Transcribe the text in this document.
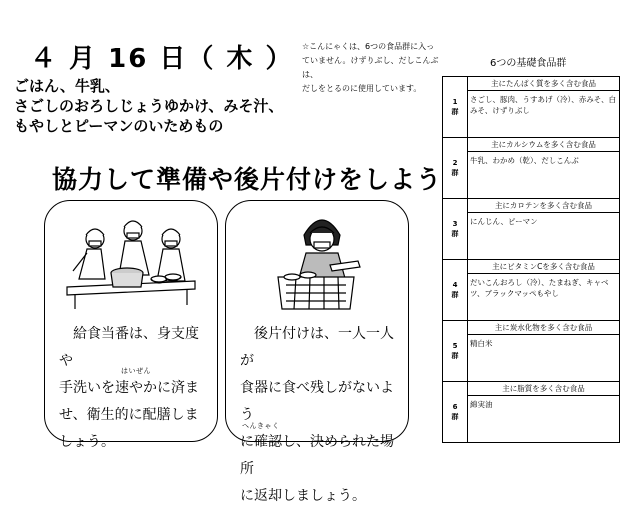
４ 月 16 日（ 木 ）
ごはん、牛乳、
さごしのおろしじょうゆかけ、みそ汁、
もやしとピーマンのいためもの
☆こんにゃくは、6つの食品群に入っ
ていません。けずりぶし、だしこんぶは、
だしをとるのに使用しています。
協力して準備や後片付けをしよう
はいぜん
　給食当番は、身支度や
手洗いを速やかに済ま
せ、衛生的に配膳しま
しょう。
へんきゃく
　後片付けは、一人一人が
食器に食べ残しがないよう
に確認し、決められた場所
に返却しましょう。
6つの基礎食品群
1
群	主にたんぱく質を多く含む食品
	さごし、豚肉、うすあげ（冷）、赤みそ、白みそ、けずりぶし
2
群	主にカルシウムを多く含む食品
	牛乳、わかめ（乾）、だしこんぶ
3
群	主にカロテンを多く含む食品
	にんじん、ピーマン
4
群	主にビタミンCを多く含む食品
	だいこんおろし（冷）、たまねぎ、キャベツ、ブラックマッペもやし
5
群	主に炭水化物を多く含む食品
	精白米
6
群	主に脂質を多く含む食品
	綿実油
